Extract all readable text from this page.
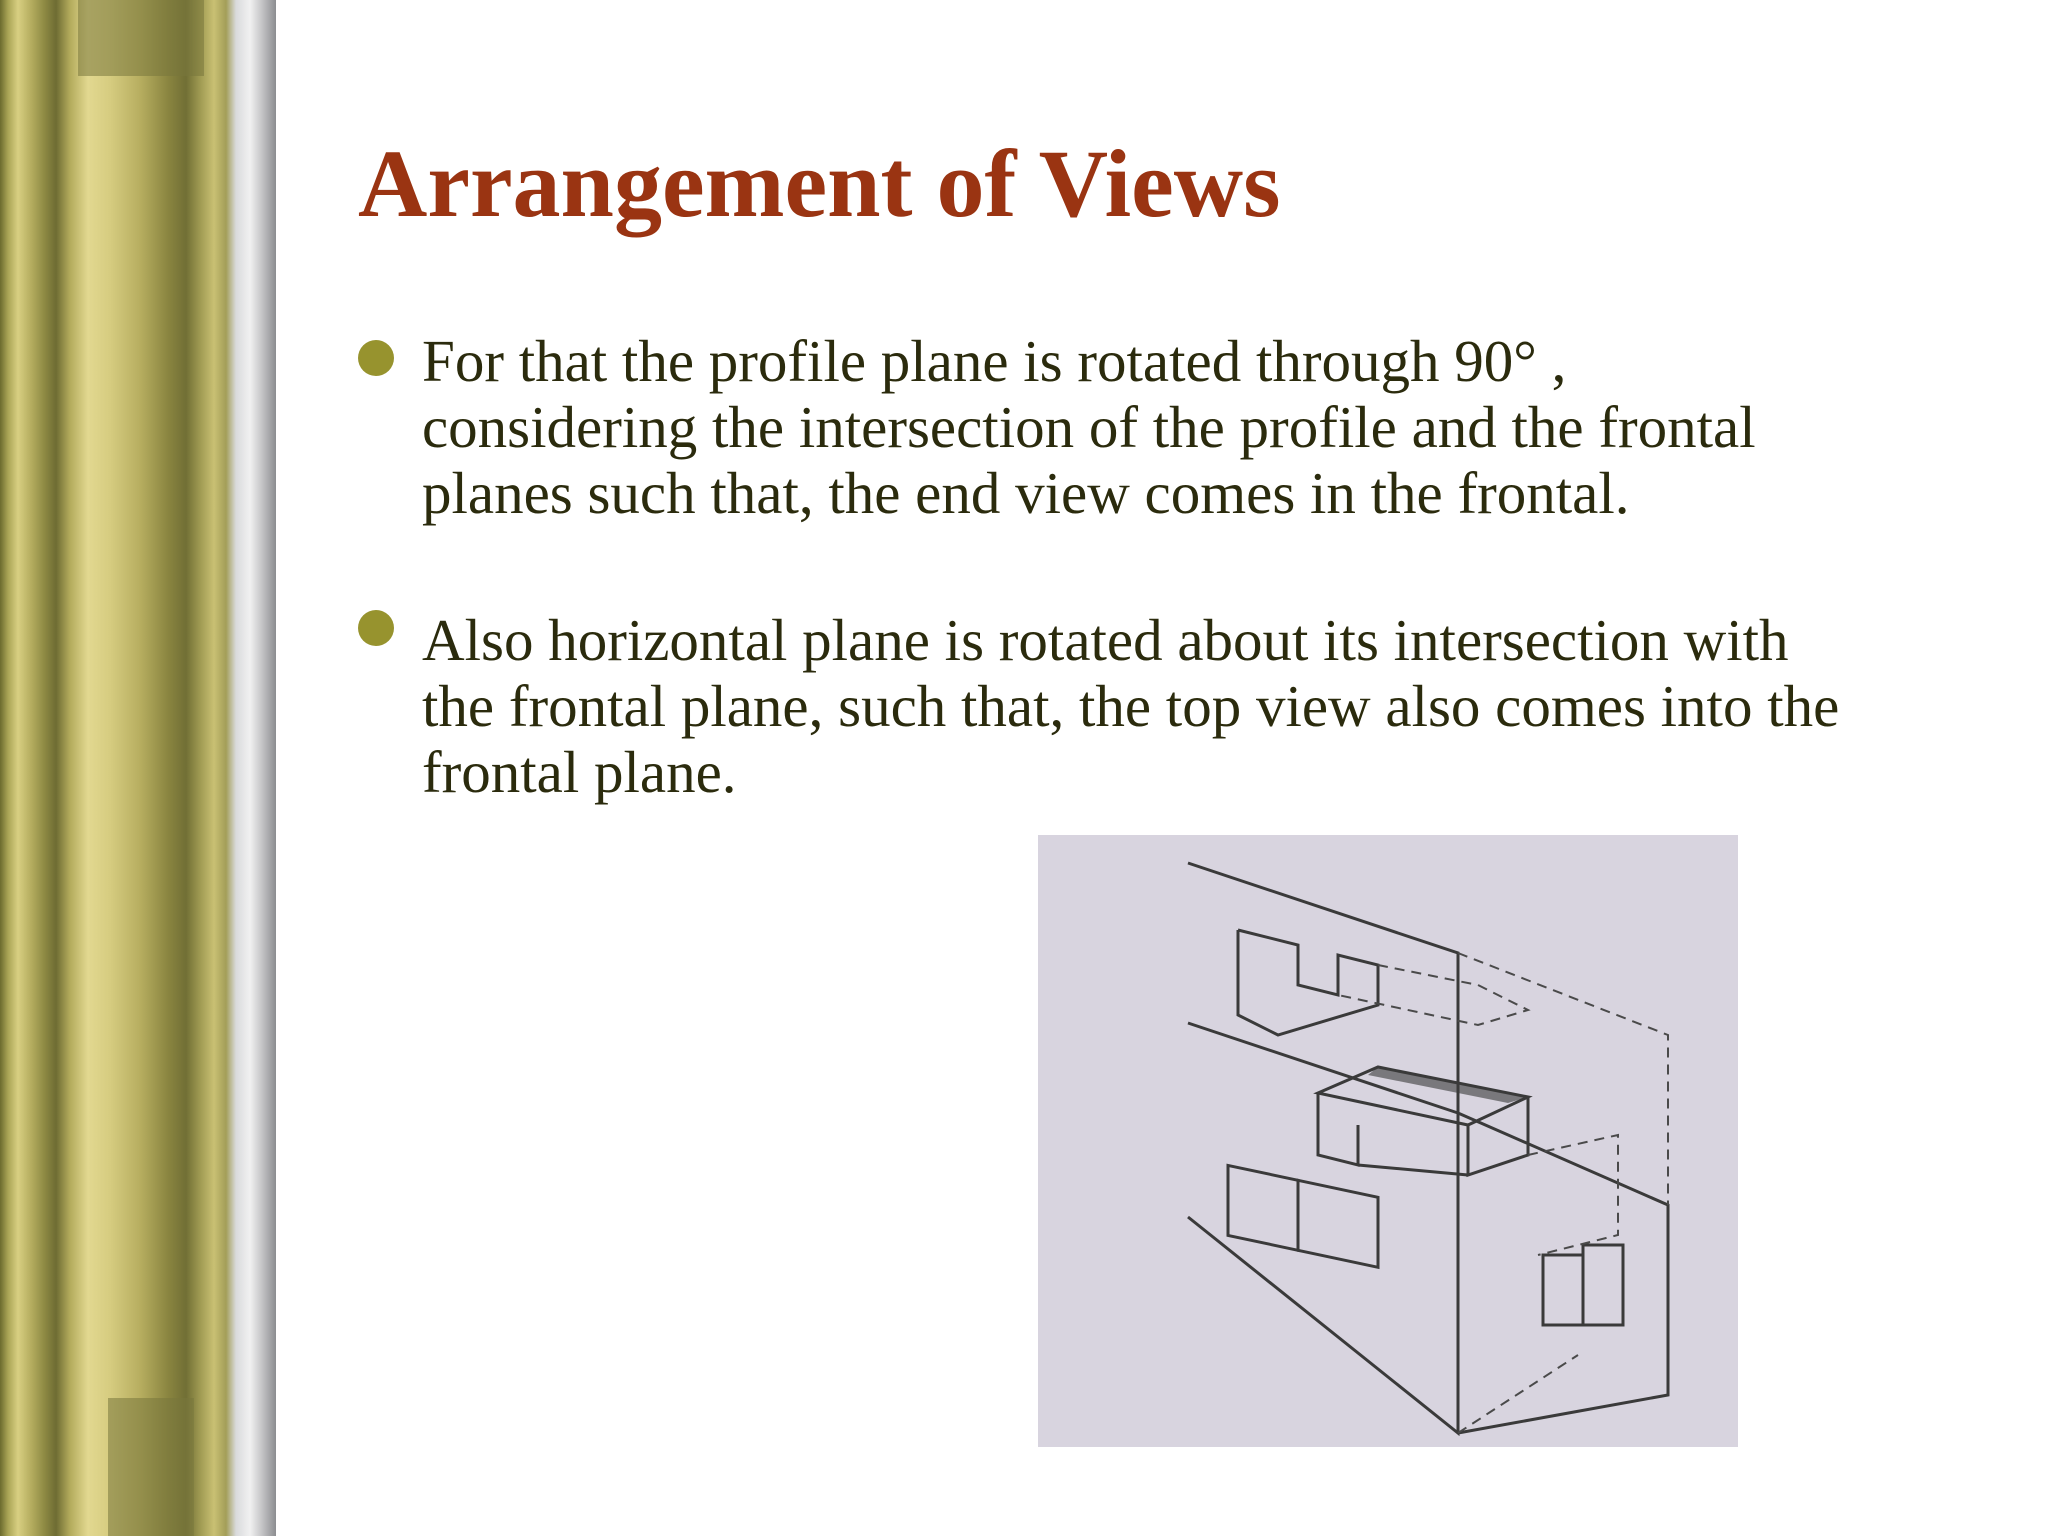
Arrangement of Views

For that the profile plane is rotated through 90° , considering the intersection of the profile and the frontal planes such that, the end view comes in the frontal.

Also horizontal plane is rotated about its intersection with the frontal plane, such that, the top view also comes into the frontal plane.
